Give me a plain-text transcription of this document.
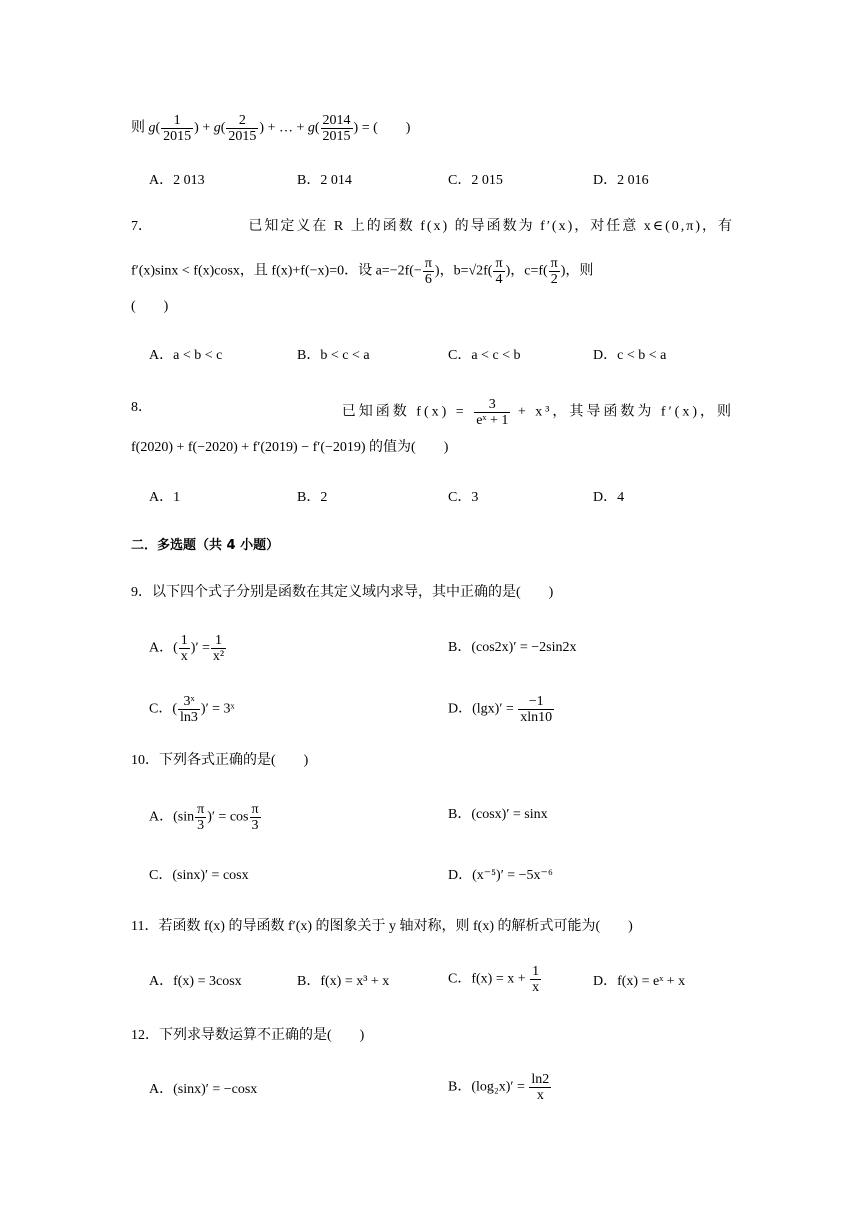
则 $g( \frac{1}{2015}$ ) + $g( \frac{2}{2015}$ ) + … + $g( \frac{2014}{2015}$ ) = (　　)
A．2 013	B．2 014	C．2 015	D．2 016
7．	已知定义在 R 上的函数 f(x) 的导函数为 f′(x)，对任意 x∈(0,π)，有
f′(x)sinx < f(x)cosx，且 f(x)+f(−x)=0．设 $a=-2f(- \frac{\pi}{6}$ )，$b=√2f( \frac{\pi}{4}$ )，$c=f( \frac{\pi}{2}$ )，则
(　　)
A．a < b < c	B．b < c < a	C．a < c < b	D．c < b < a
8．	已知函数 $f(x) = \frac{3}{\text{eˣ + 1}} + x^3$，其导函数为 f′(x)，则
f(2020) + f(−2020) + f′(2019) − f′(−2019) 的值为(　　)
A．1	B．2	C．3	D．4
二．多选题（共 4 小题）
9．以下四个式子分别是函数在其定义域内求导，其中正确的是(　　)
A．( $\frac{1}{x}$ )′ = $\frac{1}{\text{x²}}$	B．(cos2x)′ = −2sin2x
C．( $\frac{\text{3ˣ}}{\ln 3}$ )′ = 3ˣ	D．$(\lg x)' = \frac{-1}{xln10}$
10．下列各式正确的是(　　)
A．($\sin \frac{\pi}{3}$ )′ = $\cos \frac{\pi}{3}$	B．(cosx)′ = sinx
C．(sinx)′ = cosx	D．(x⁻⁵)′ = −5x⁻⁶
11．若函数 f(x) 的导函数 f′(x) 的图象关于 y 轴对称，则 f(x) 的解析式可能为(　　)
A．f(x) = 3cosx	B．f(x) = x³ + x	C．$f(x) = x + \frac{1}{x}$	D．f(x) = eˣ + x
12．下列求导数运算不正确的是(　　)
A．(sinx)′ = −cosx	B．$(\log_2x)' = \frac{\ln 2}{x}$
